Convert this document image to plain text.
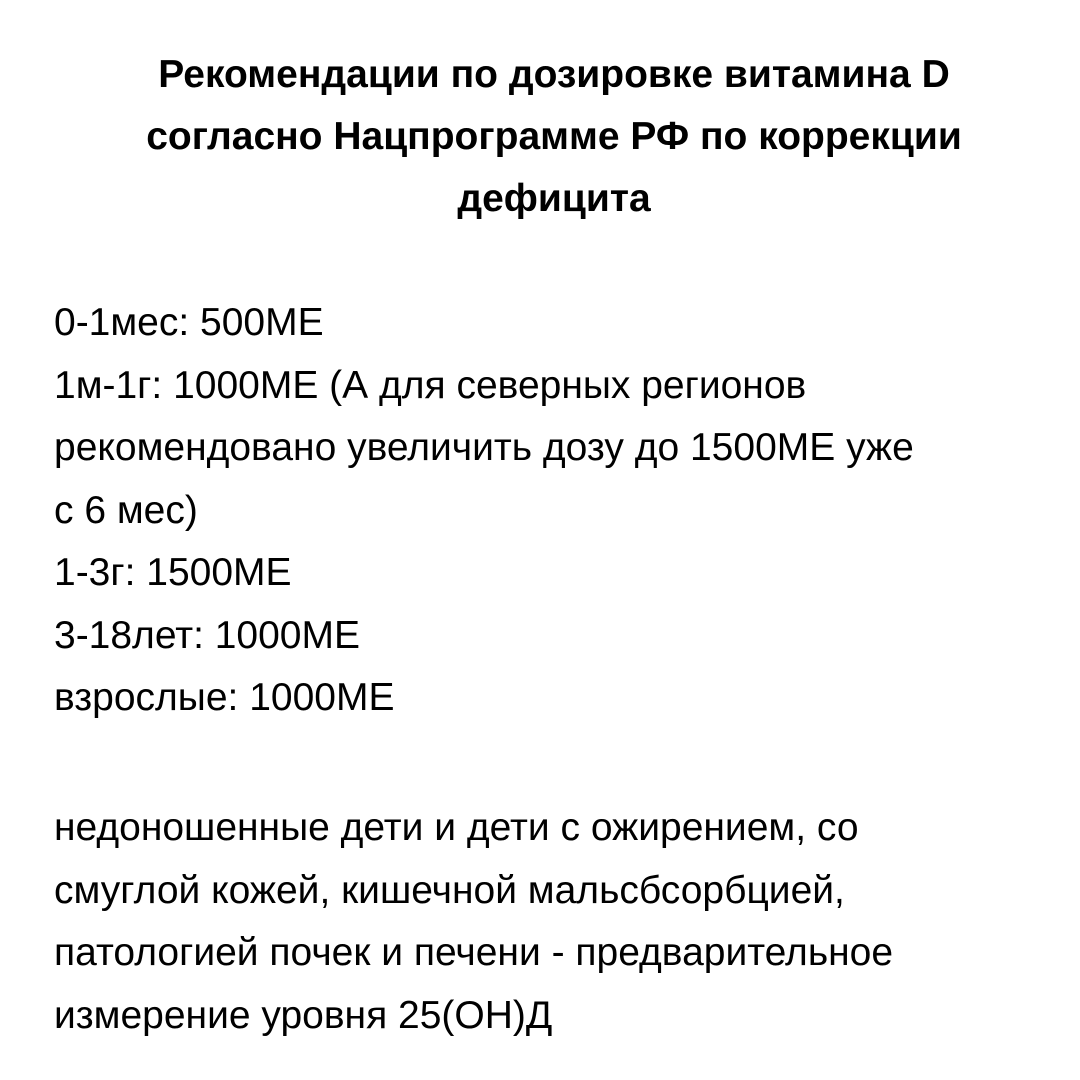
Рекомендации по дозировке витамина D
согласно Нацпрограмме РФ по коррекции
дефицита
0-1мес: 500МЕ
1м-1г: 1000МЕ (А для северных регионов
рекомендовано увеличить дозу до 1500МЕ уже
с 6 мес)
1-3г: 1500МЕ
3-18лет: 1000МЕ
взрослые: 1000МЕ
недоношенные дети и дети с ожирением, со
смуглой кожей, кишечной мальсбсорбцией,
патологией почек и печени - предварительное
измерение уровня 25(OH)Д
